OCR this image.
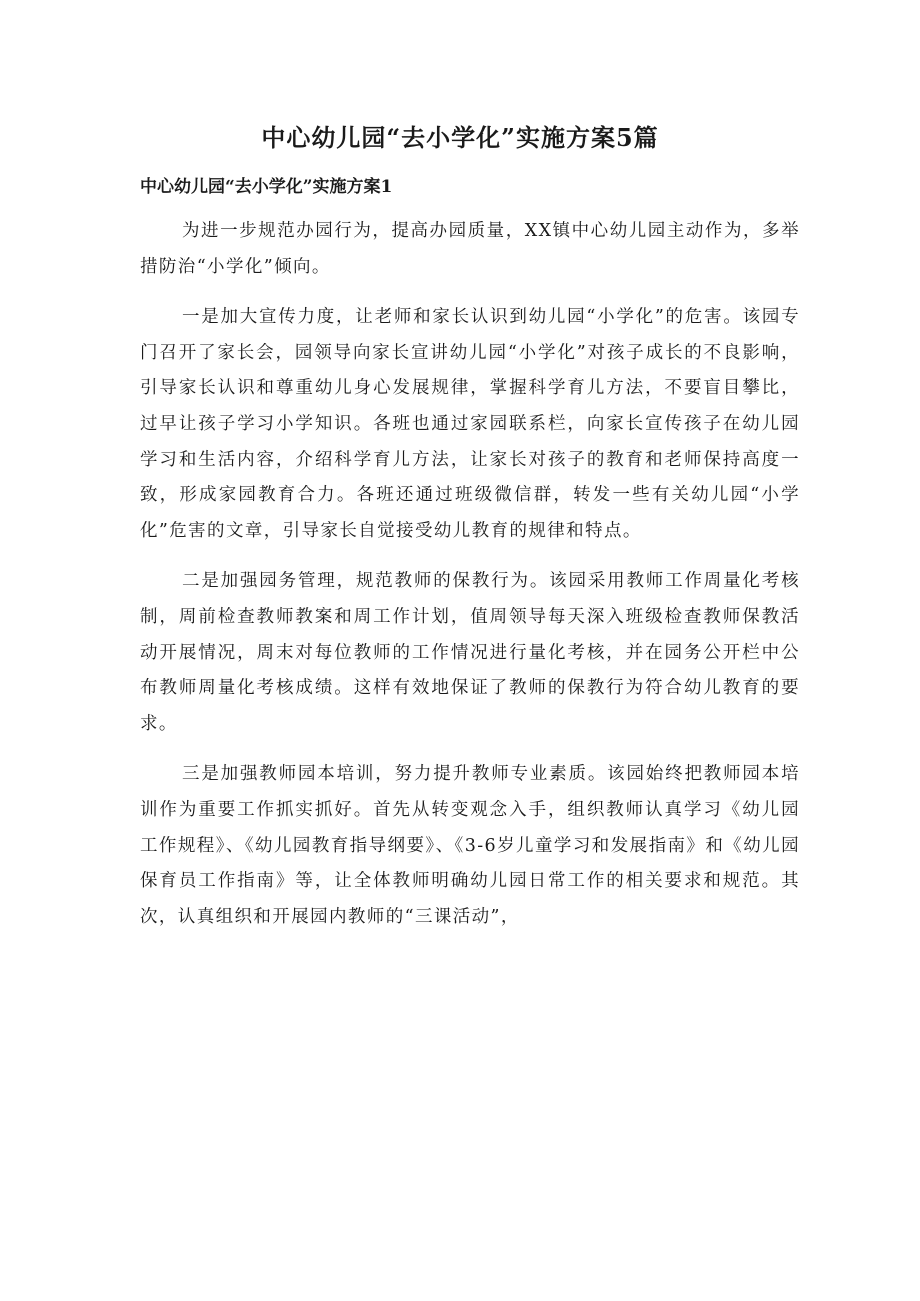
中心幼儿园“去小学化”实施方案5篇
中心幼儿园“去小学化”实施方案1

为进一步规范办园行为，提高办园质量，XX镇中心幼儿园主动作为，多举措防治“小学化”倾向。

一是加大宣传力度，让老师和家长认识到幼儿园“小学化”的危害。该园专门召开了家长会，园领导向家长宣讲幼儿园“小学化”对孩子成长的不良影响，引导家长认识和尊重幼儿身心发展规律，掌握科学育儿方法，不要盲目攀比，过早让孩子学习小学知识。各班也通过家园联系栏，向家长宣传孩子在幼儿园学习和生活内容，介绍科学育儿方法，让家长对孩子的教育和老师保持高度一致，形成家园教育合力。各班还通过班级微信群，转发一些有关幼儿园“小学化”危害的文章，引导家长自觉接受幼儿教育的规律和特点。

二是加强园务管理，规范教师的保教行为。该园采用教师工作周量化考核制，周前检查教师教案和周工作计划，值周领导每天深入班级检查教师保教活动开展情况，周末对每位教师的工作情况进行量化考核，并在园务公开栏中公布教师周量化考核成绩。这样有效地保证了教师的保教行为符合幼儿教育的要求。

三是加强教师园本培训，努力提升教师专业素质。该园始终把教师园本培训作为重要工作抓实抓好。首先从转变观念入手，组织教师认真学习《幼儿园工作规程》、《幼儿园教育指导纲要》、《3-6岁儿童学习和发展指南》和《幼儿园保育员工作指南》等，让全体教师明确幼儿园日常工作的相关要求和规范。其次，认真组织和开展园内教师的“三课活动”，
